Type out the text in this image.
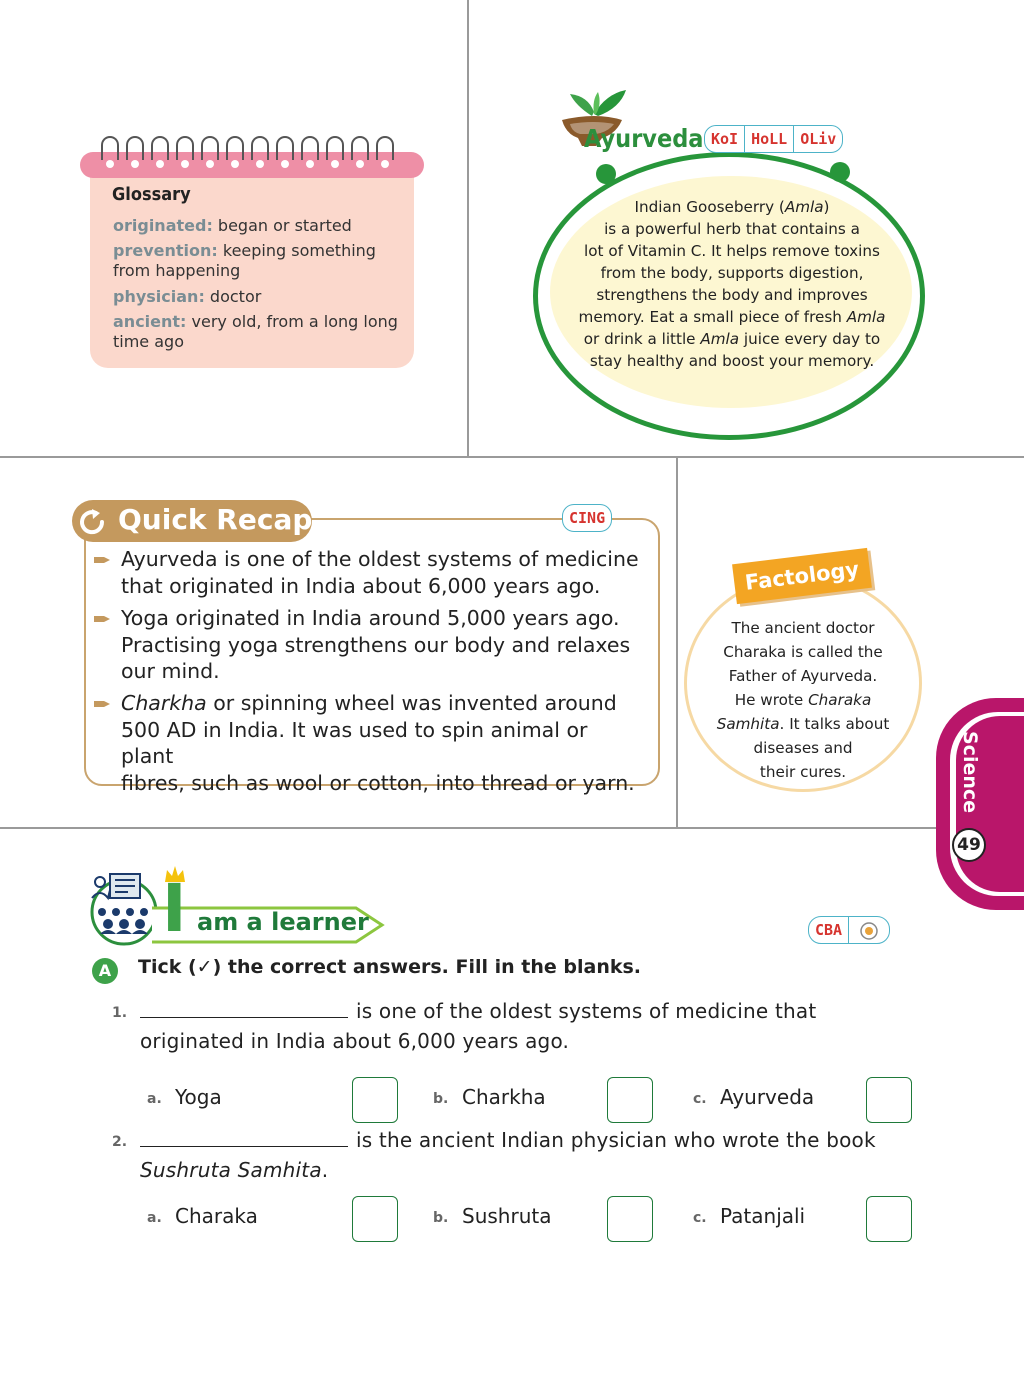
Glossary
originated: began or started
prevention: keeping something from happening
physician: doctor
ancient: very old, from a long long time ago
Ayurveda KoI HoLL OLiv
Indian Gooseberry (Amla)
is a powerful herb that contains a
lot of Vitamin C. It helps remove toxins
from the body, supports digestion,
strengthens the body and improves
memory. Eat a small piece of fresh Amla
or drink a little Amla juice every day to
stay healthy and boost your memory.
Quick Recap	CING
Ayurveda is one of the oldest systems of medicine
that originated in India about 6,000 years ago.
Yoga originated in India around 5,000 years ago.
Practising yoga strengthens our body and relaxes
our mind.
Charkha or spinning wheel was invented around
500 AD in India. It was used to spin animal or plant
fibres, such as wool or cotton, into thread or yarn.
Factology
The ancient doctor
Charaka is called the
Father of Ayurveda.
He wrote Charaka
Samhita. It talks about
diseases and
their cures.	Science
49
I am a learner	CBA
A	Tick (✓) the correct answers. Fill in the blanks.
1.	is one of the oldest systems of medicine that
originated in India about 6,000 years ago.
a. Yoga	b. Charkha	c. Ayurveda
2.	is the ancient Indian physician who wrote the book
Sushruta Samhita.
a. Charaka	b. Sushruta	c. Patanjali
